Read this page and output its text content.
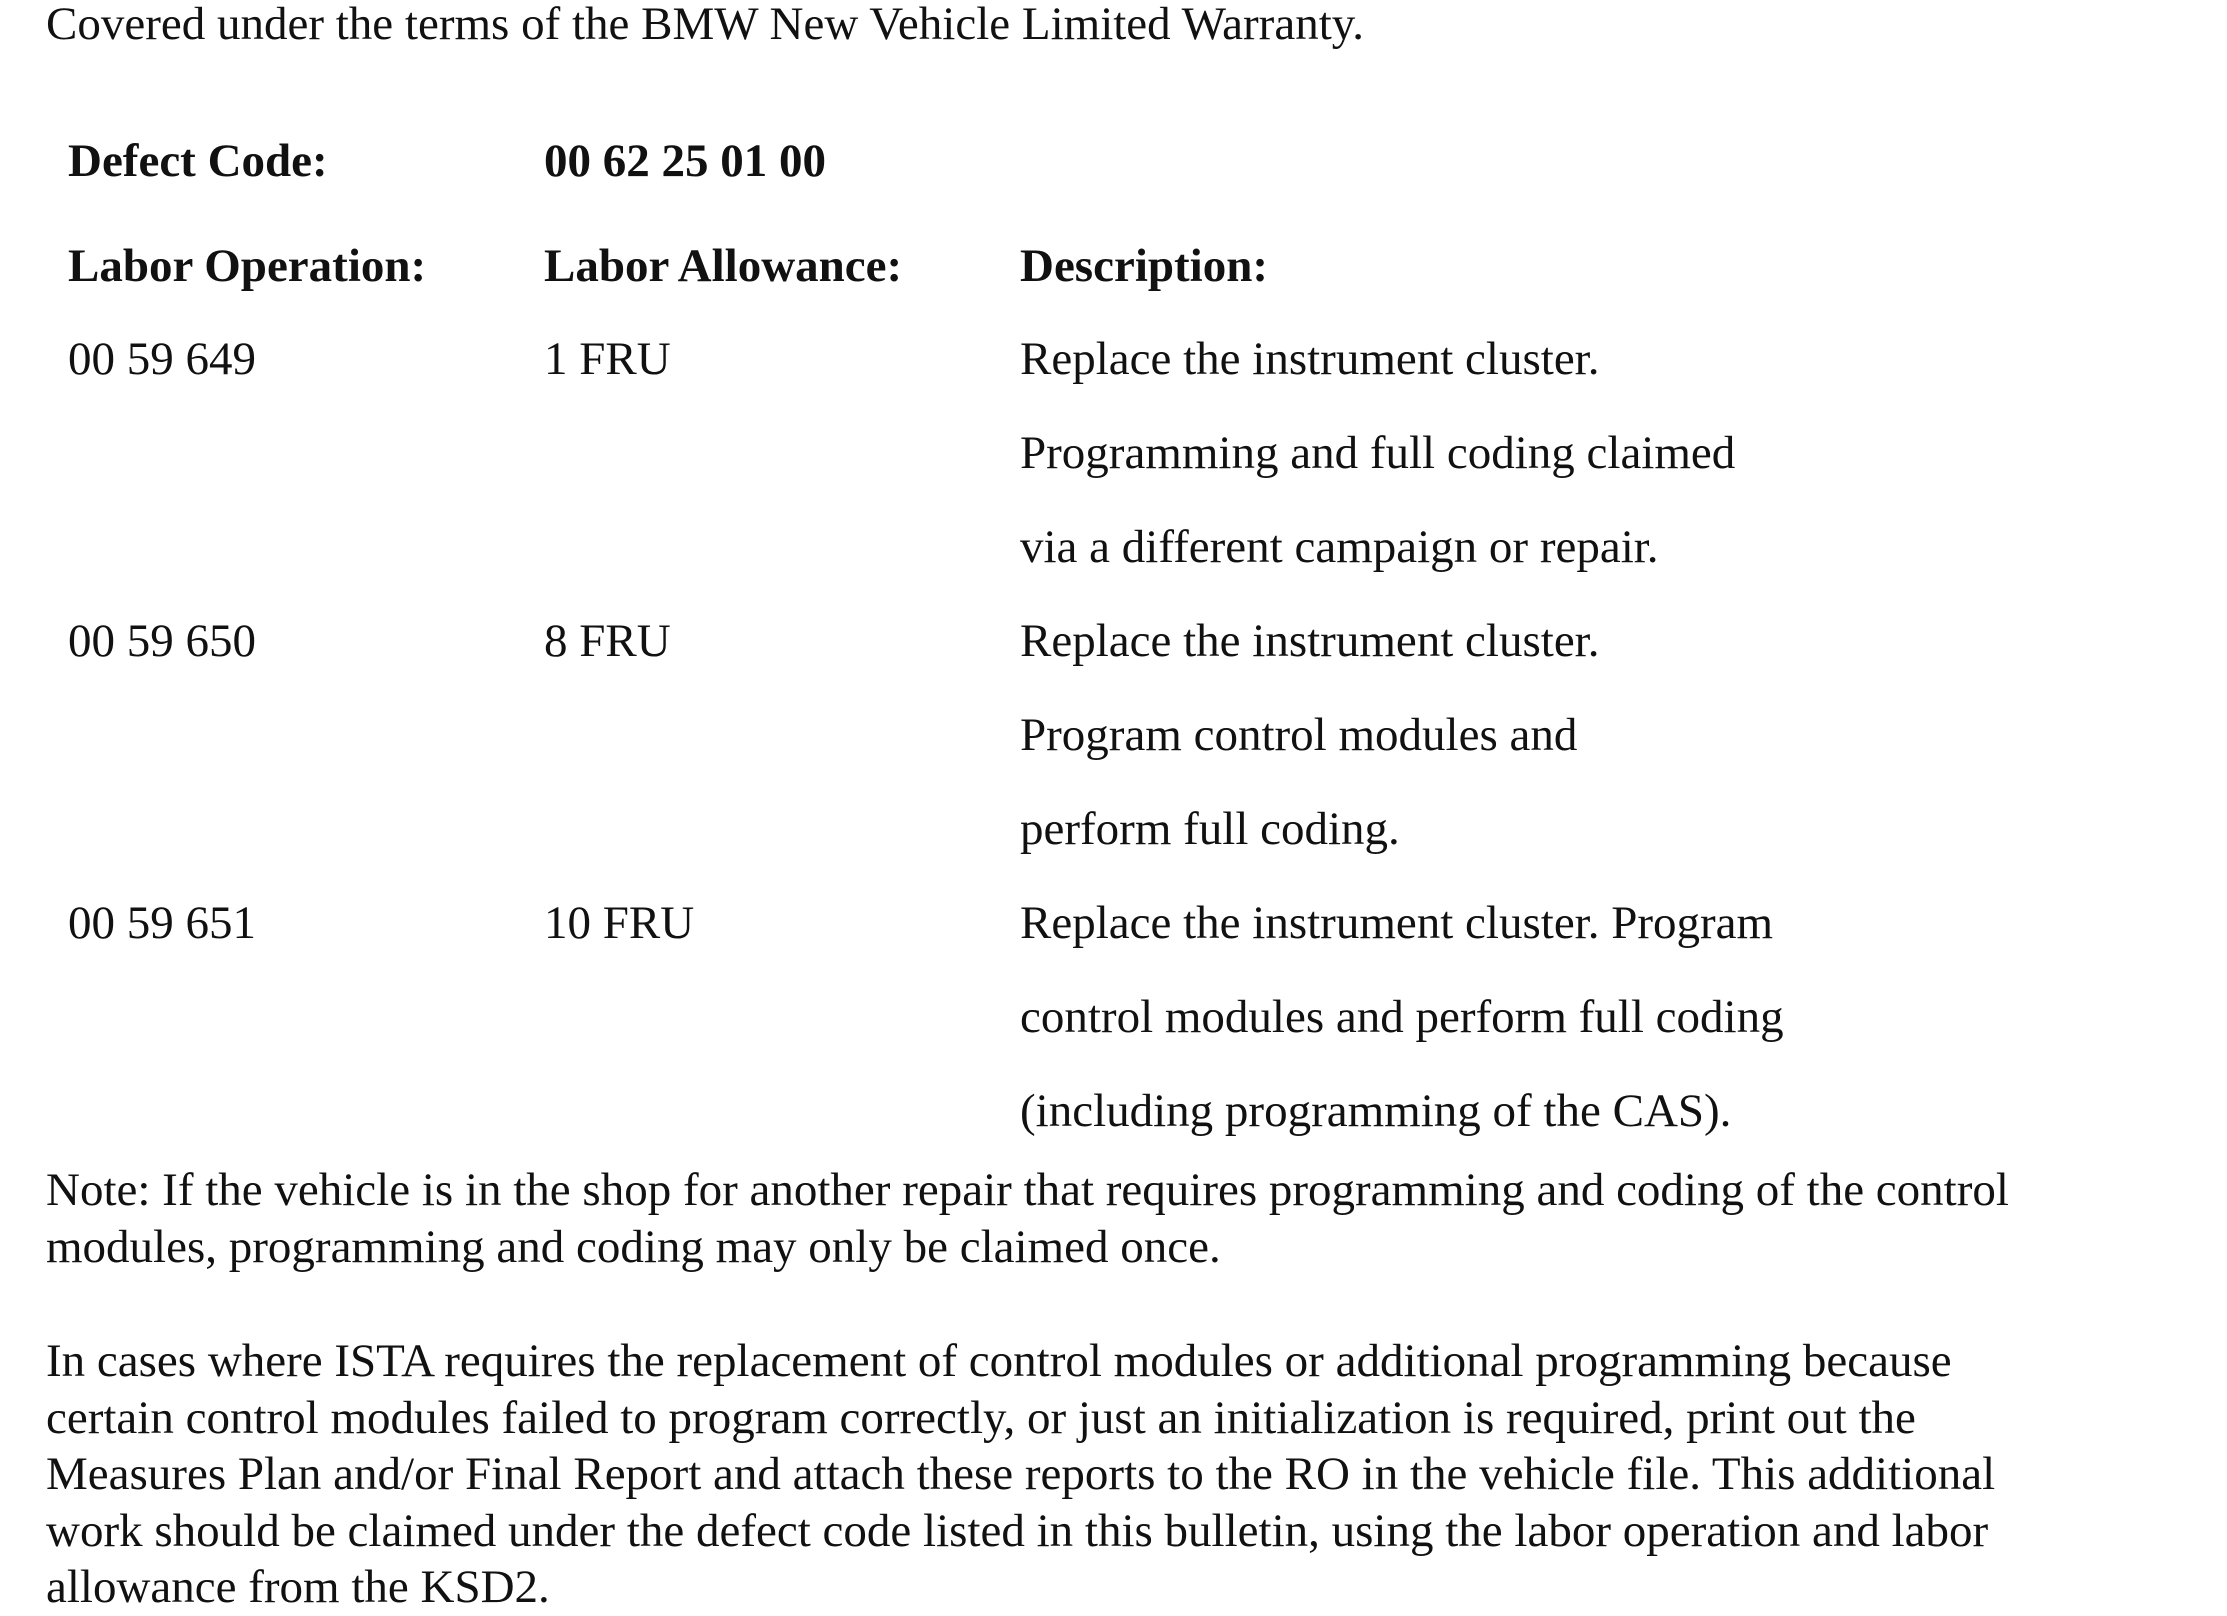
Covered under the terms of the BMW New Vehicle Limited Warranty.
Defect Code:	00 62 25 01 00
Labor Operation:	Labor Allowance:	Description:
00 59 649	1 FRU	Replace the instrument cluster.
Programming and full coding claimed
via a different campaign or repair.
00 59 650	8 FRU	Replace the instrument cluster.
Program control modules and
perform full coding.
00 59 651	10 FRU	Replace the instrument cluster. Program
control modules and perform full coding
(including programming of the CAS).
Note: If the vehicle is in the shop for another repair that requires programming and coding of the control
modules, programming and coding may only be claimed once.
In cases where ISTA requires the replacement of control modules or additional programming because
certain control modules failed to program correctly, or just an initialization is required, print out the
Measures Plan and/or Final Report and attach these reports to the RO in the vehicle file. This additional
work should be claimed under the defect code listed in this bulletin, using the labor operation and labor
allowance from the KSD2.
